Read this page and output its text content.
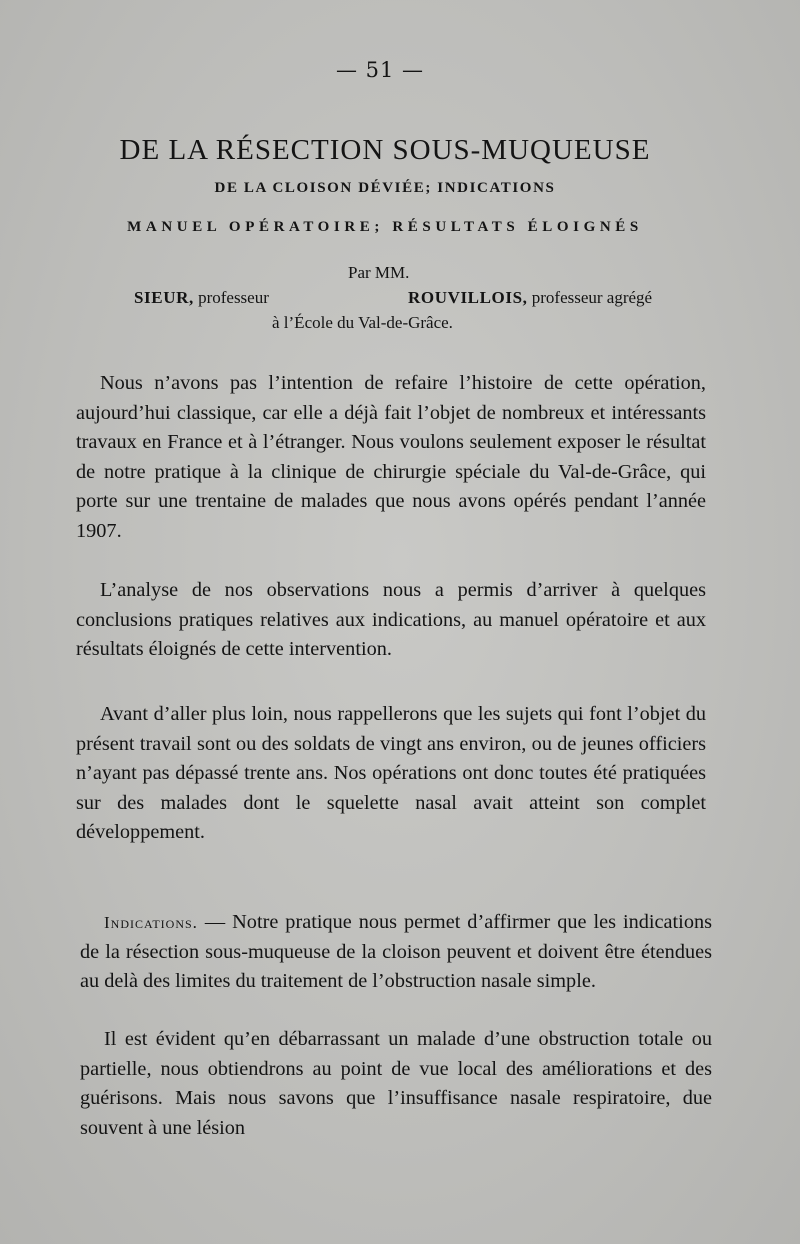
— 51 —
DE LA RÉSECTION SOUS-MUQUEUSE
DE LA CLOISON DÉVIÉE; INDICATIONS
MANUEL OPÉRATOIRE; RÉSULTATS ÉLOIGNÉS
Par MM.
SIEUR, professeur	ROUVILLOIS, professeur agrégé
à l’École du Val-de-Grâce.

Nous n’avons pas l’intention de refaire l’histoire de cette opération, aujourd’hui classique, car elle a déjà fait l’objet de nombreux et intéressants travaux en France et à l’étranger. Nous voulons seulement exposer le résultat de notre pratique à la clinique de chirurgie spéciale du Val-de-Grâce, qui porte sur une trentaine de malades que nous avons opérés pendant l’année 1907.

L’analyse de nos observations nous a permis d’arriver à quelques conclusions pratiques relatives aux indications, au manuel opératoire et aux résultats éloignés de cette intervention.

Avant d’aller plus loin, nous rappellerons que les sujets qui font l’objet du présent travail sont ou des soldats de vingt ans environ, ou de jeunes officiers n’ayant pas dépassé trente ans. Nos opérations ont donc toutes été pratiquées sur des malades dont le squelette nasal avait atteint son complet développement.

Indications. — Notre pratique nous permet d’affirmer que les indications de la résection sous-muqueuse de la cloison peuvent et doivent être étendues au delà des limites du traitement de l’obstruction nasale simple.

Il est évident qu’en débarrassant un malade d’une obstruction totale ou partielle, nous obtiendrons au point de vue local des améliorations et des guérisons. Mais nous savons que l’insuffisance nasale respiratoire, due souvent à une lésion
